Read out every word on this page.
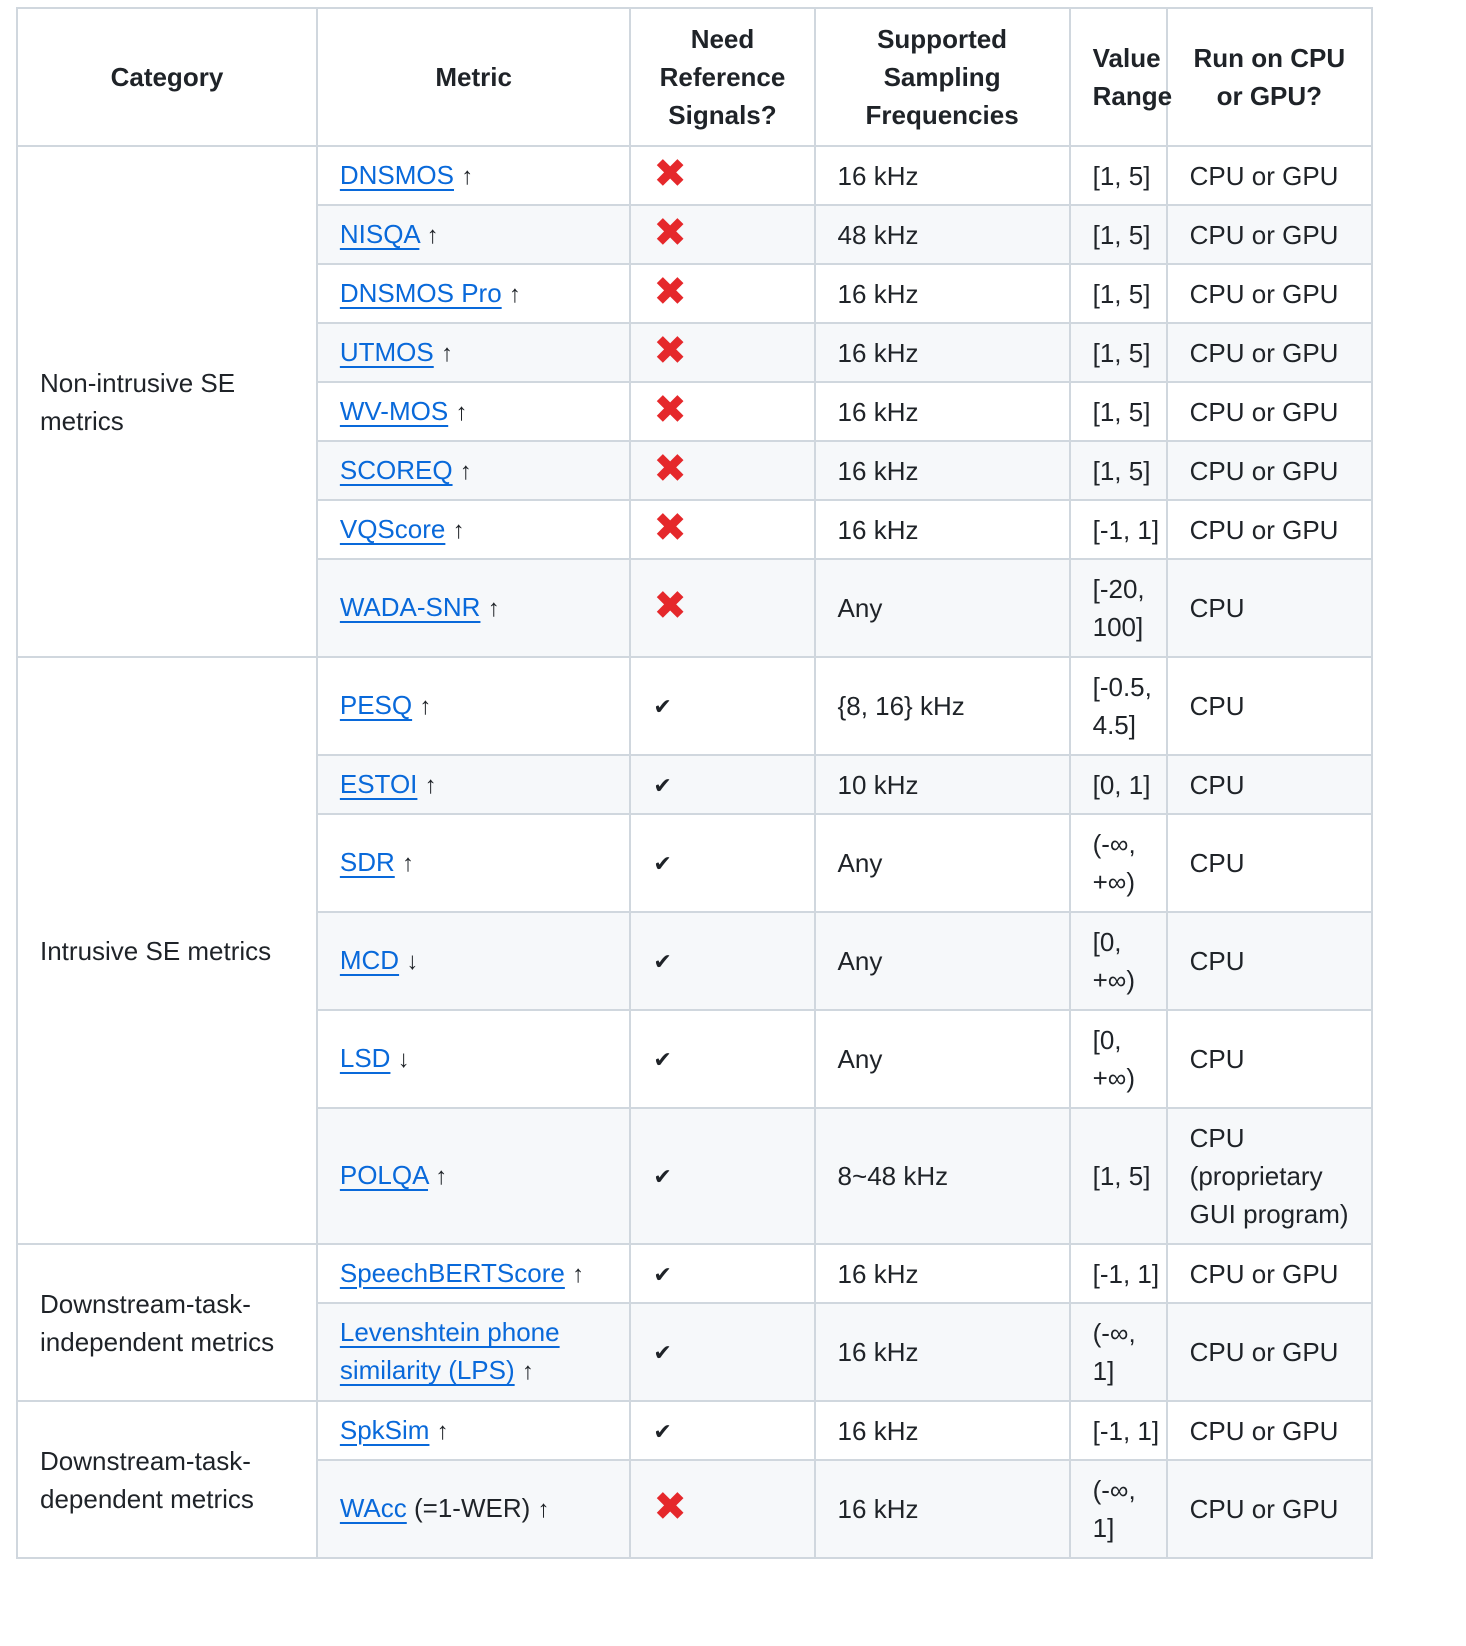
Category	Metric	Need Reference Signals?	Supported Sampling Frequencies	Value Range	Run on CPU or GPU?
Non-intrusive SE metrics	DNSMOS ↑	✖	16 kHz	[1, 5]	CPU or GPU
	NISQA ↑	✖	48 kHz	[1, 5]	CPU or GPU
	DNSMOS Pro ↑	✖	16 kHz	[1, 5]	CPU or GPU
	UTMOS ↑	✖	16 kHz	[1, 5]	CPU or GPU
	WV-MOS ↑	✖	16 kHz	[1, 5]	CPU or GPU
	SCOREQ ↑	✖	16 kHz	[1, 5]	CPU or GPU
	VQScore ↑	✖	16 kHz	[-1, 1]	CPU or GPU
	WADA-SNR ↑	✖	Any	[-20, 100]	CPU
Intrusive SE metrics	PESQ ↑	✔	{8, 16} kHz	[-0.5, 4.5]	CPU
	ESTOI ↑	✔	10 kHz	[0, 1]	CPU
	SDR ↑	✔	Any	(-∞, +∞)	CPU
	MCD ↓	✔	Any	[0, +∞)	CPU
	LSD ↓	✔	Any	[0, +∞)	CPU
	POLQA ↑	✔	8~48 kHz	[1, 5]	CPU (proprietary GUI program)
Downstream-task-independent metrics	SpeechBERTScore ↑	✔	16 kHz	[-1, 1]	CPU or GPU
	Levenshtein phone similarity (LPS) ↑	✔	16 kHz	(-∞, 1]	CPU or GPU
Downstream-task-dependent metrics	SpkSim ↑	✔	16 kHz	[-1, 1]	CPU or GPU
	WAcc (=1-WER) ↑	✖	16 kHz	(-∞, 1]	CPU or GPU
